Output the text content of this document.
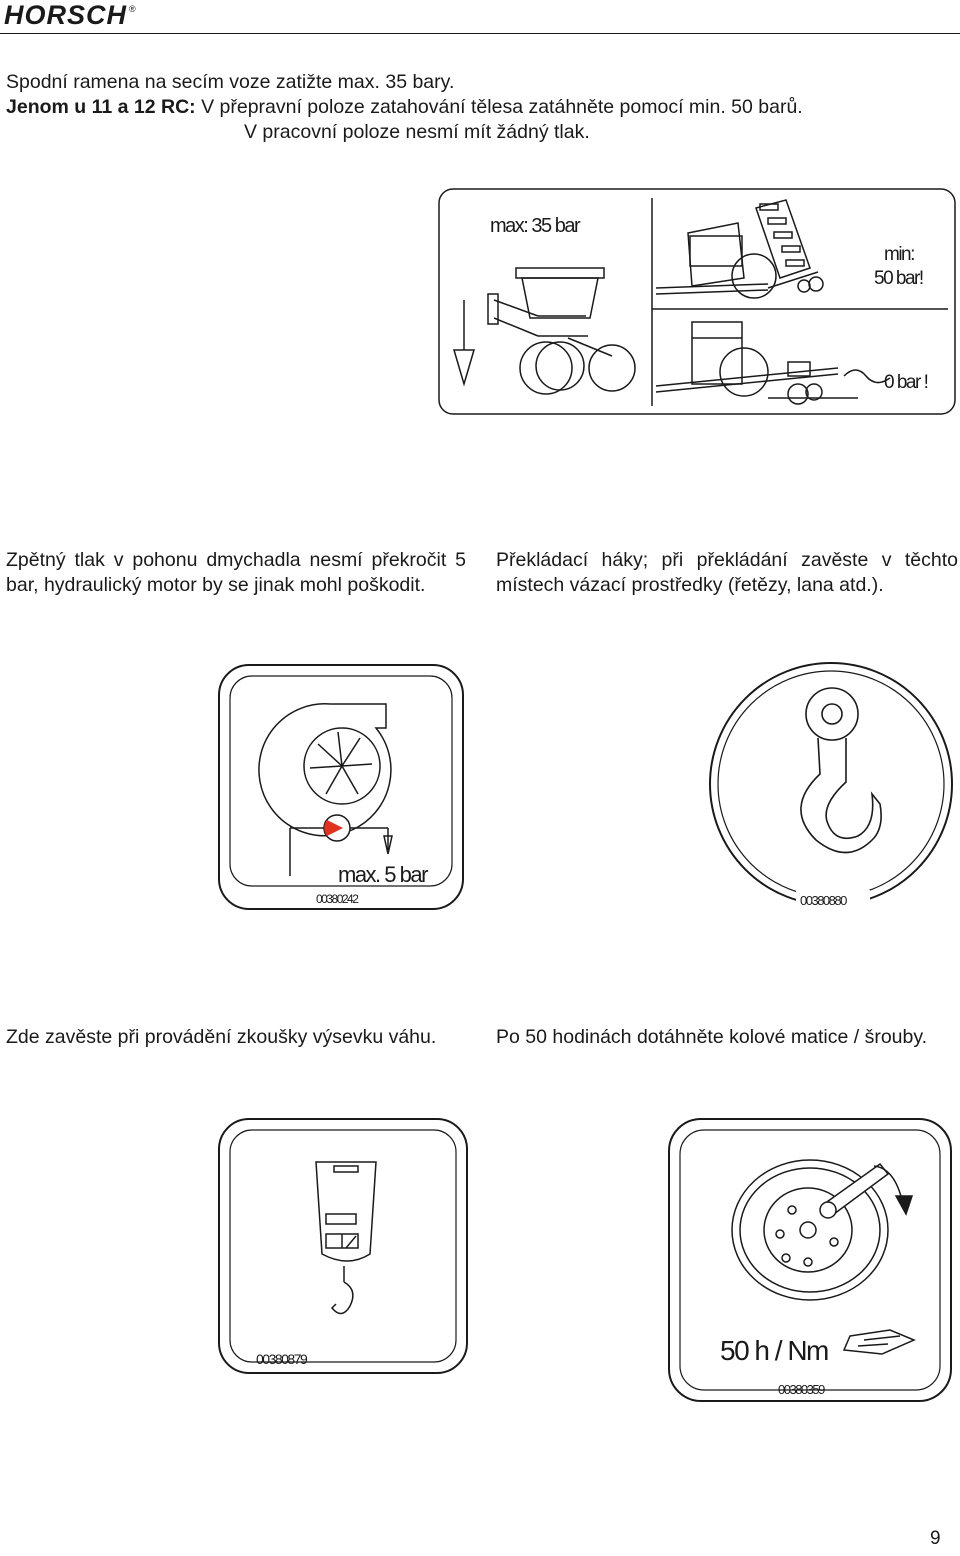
HORSCH ®
Spodní ramena na secím voze zatižte max. 35 bary.
Jenom u 11 a 12 RC: V přepravní poloze zatahování tělesa zatáhněte pomocí min. 50 barů.
V pracovní poloze nesmí mít žádný tlak.
max: 35 bar
min:
50 bar!
0 bar !
Zpětný tlak v pohonu dmychadla nesmí překročit 5 bar, hydraulický motor by se jinak mohl poškodit.
Překládací háky; při překládání zavěste v těchto místech vázací prostředky (řetězy, lana atd.).
max. 5 bar
00380242	00380880
Zde zavěste při provádění zkoušky výsevku váhu.	Po 50 hodinách dotáhněte kolové matice / šrouby.
00380879	50 h / Nm
00380359
9
